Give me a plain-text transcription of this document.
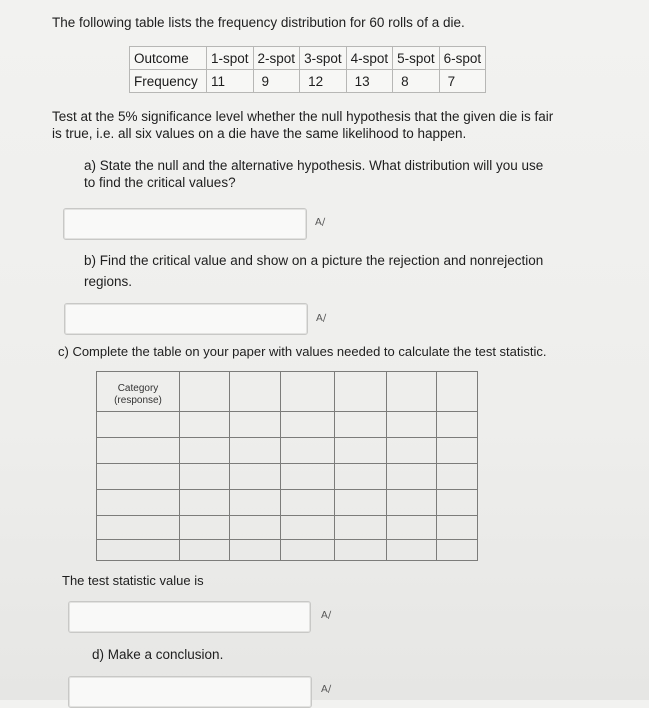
The following table lists the frequency distribution for 60 rolls of a die.
Outcome	1-spot	2-spot	3-spot	4-spot	5-spot	6-spot
Frequency	11	9	12	13	8	7
Test at the 5% significance level whether the null hypothesis that the given die is fair
is true, i.e. all six values on a die have the same likelihood to happen.
a) State the null and the alternative hypothesis. What distribution will you use
to find the critical values?
A∕
b) Find the critical value and show on a picture the rejection and nonrejection
regions.
A∕
c) Complete the table on your paper with values needed to calculate the test statistic.
Category
(response)
The test statistic value is
A∕
d) Make a conclusion.
A∕
